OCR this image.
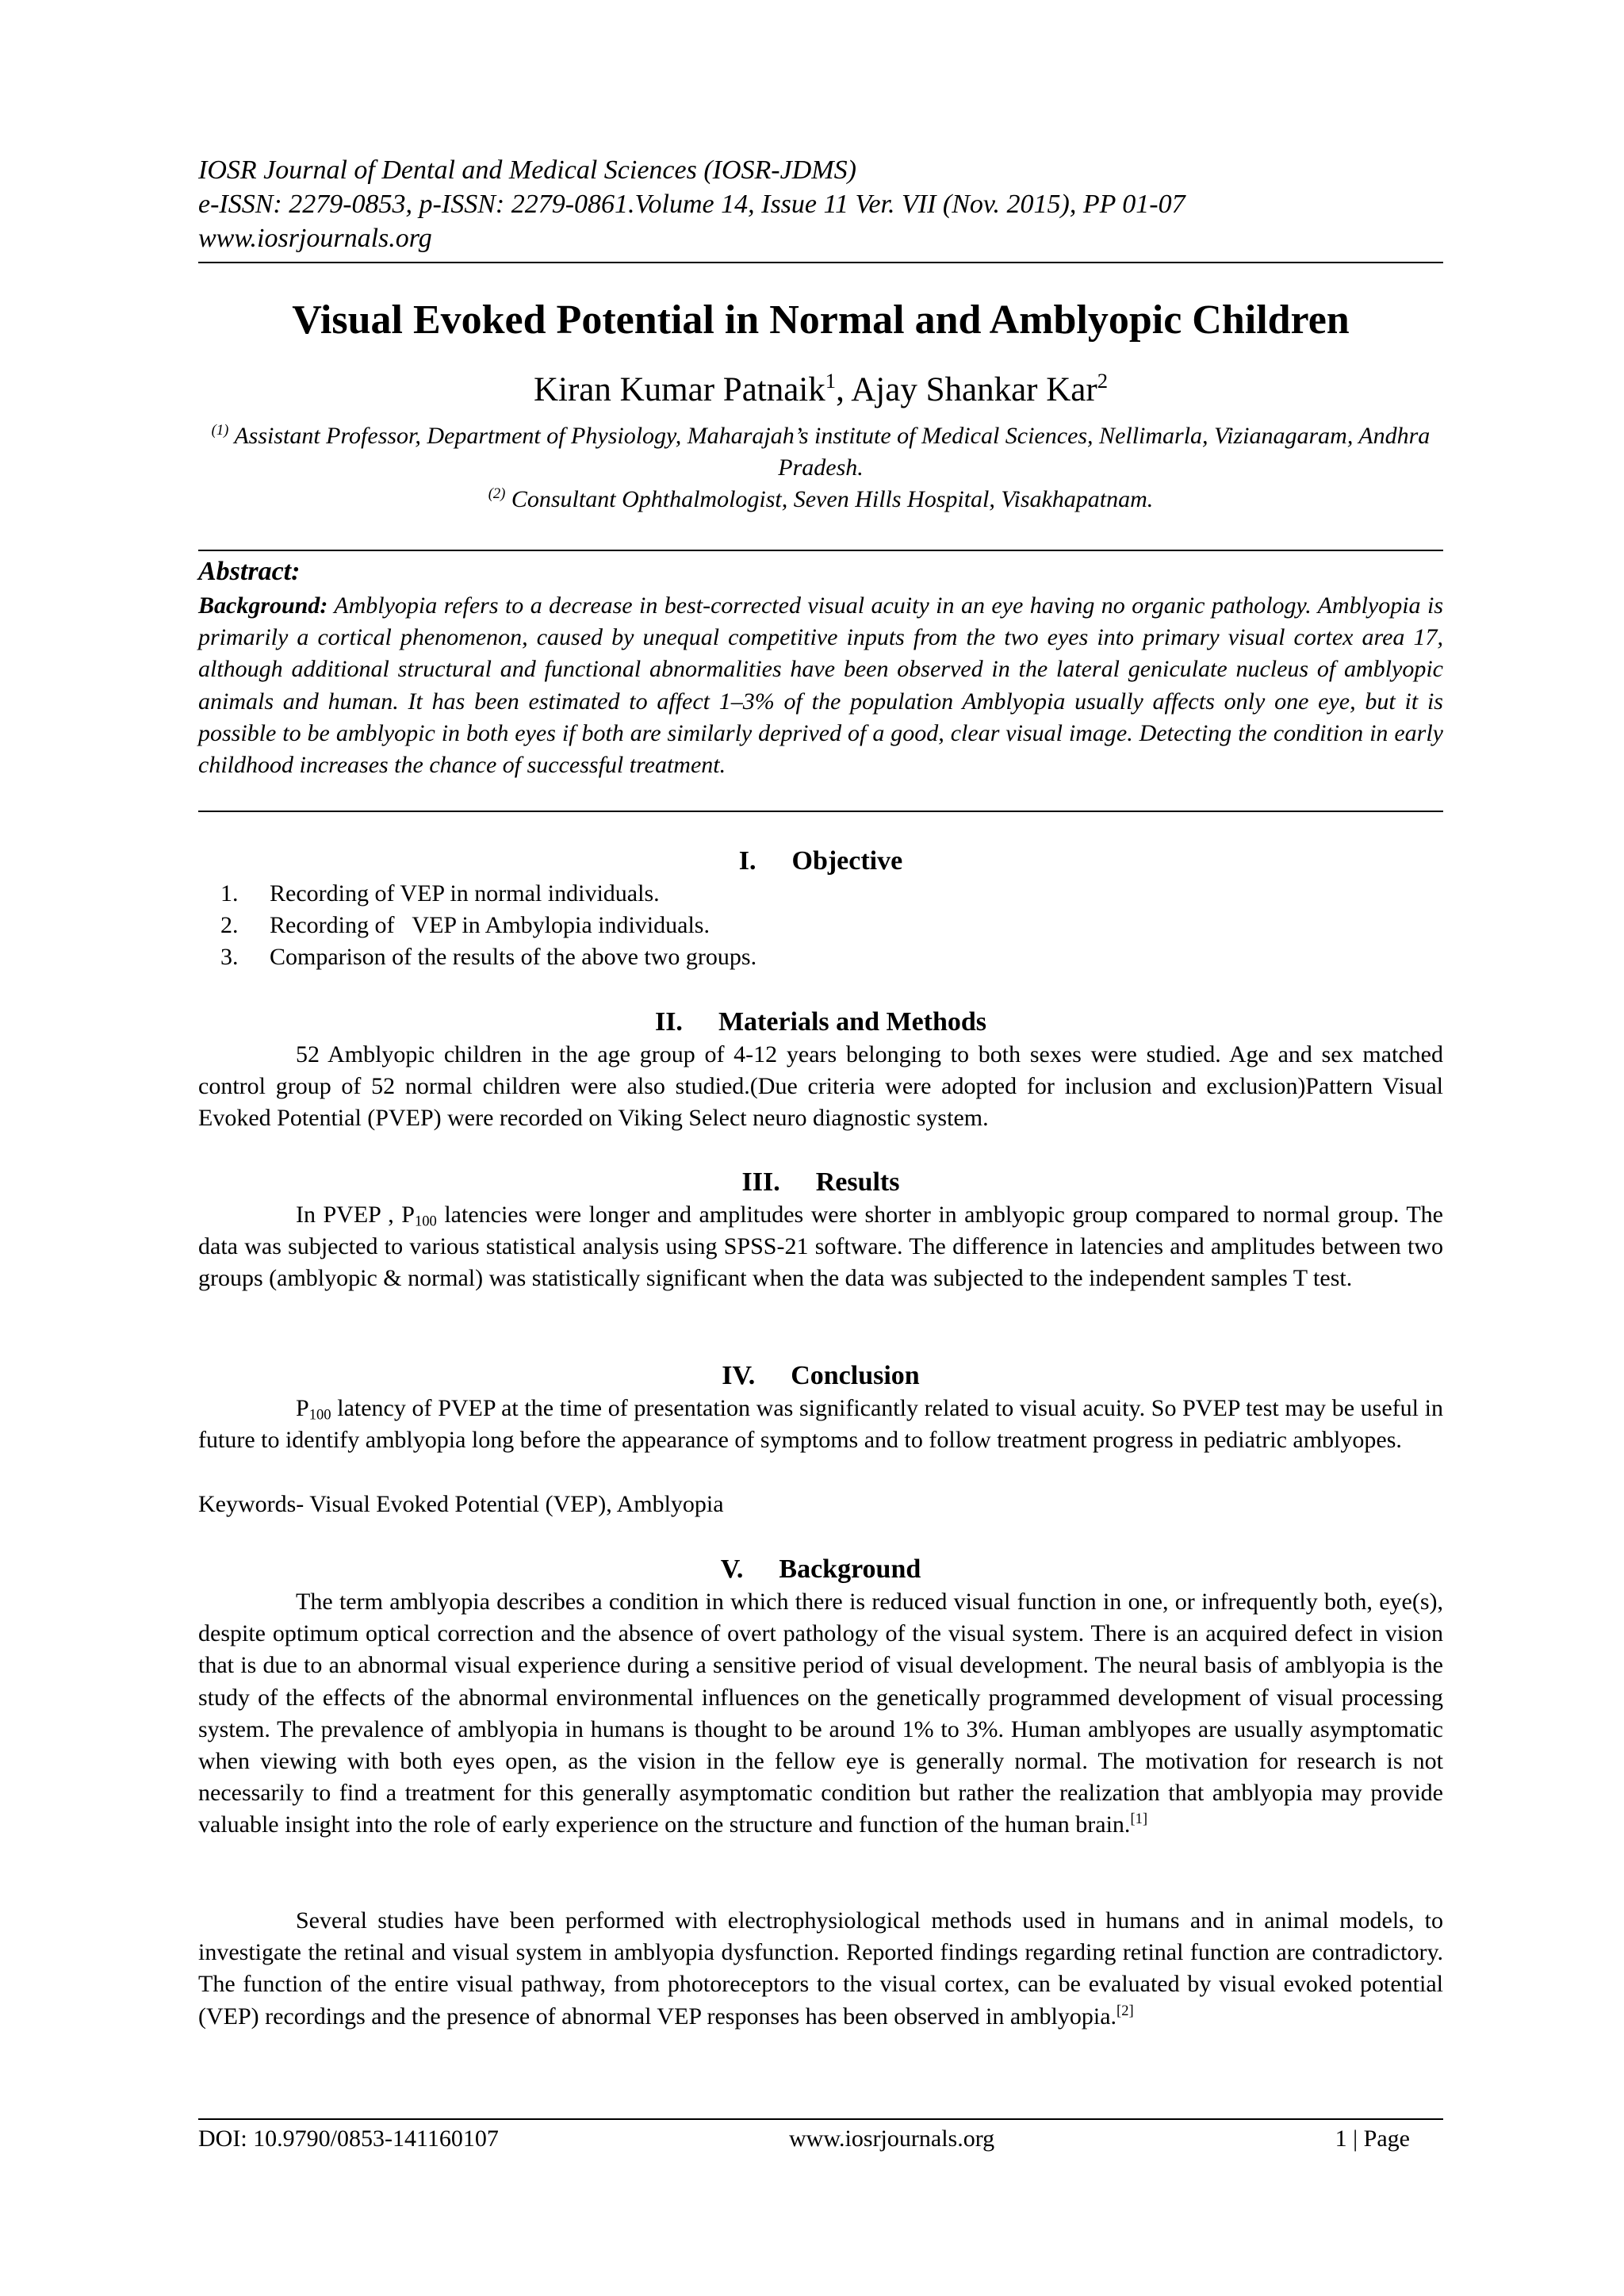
IOSR Journal of Dental and Medical Sciences (IOSR-JDMS)
e-ISSN: 2279-0853, p-ISSN: 2279-0861.Volume 14, Issue 11 Ver. VII (Nov. 2015), PP 01-07
www.iosrjournals.org
Visual Evoked Potential in Normal and Amblyopic Children
Kiran Kumar Patnaik$^1$, Ajay Shankar Kar$^2$
$^{(1)}$ Assistant Professor, Department of Physiology, Maharajah’s institute of Medical Sciences, Nellimarla, Vizianagaram, Andhra Pradesh.
$^{(2)}$ Consultant Ophthalmologist, Seven Hills Hospital, Visakhapatnam.
Abstract:
Background: Amblyopia refers to a decrease in best-corrected visual acuity in an eye having no organic pathology. Amblyopia is primarily a cortical phenomenon, caused by unequal competitive inputs from the two eyes into primary visual cortex area 17, although additional structural and functional abnormalities have been observed in the lateral geniculate nucleus of amblyopic animals and human. It has been estimated to affect 1–3% of the population Amblyopia usually affects only one eye, but it is possible to be amblyopic in both eyes if both are similarly deprived of a good, clear visual image. Detecting the condition in early childhood increases the chance of successful treatment.
I. Objective
1.	Recording of VEP in normal individuals.
2.	Recording of   VEP in Ambylopia individuals.
3.	Comparison of the results of the above two groups.
II. Materials and Methods
52 Amblyopic children in the age group of 4-12 years belonging to both sexes were studied. Age and sex matched control group of 52 normal children were also studied.(Due criteria were adopted for inclusion and exclusion)Pattern Visual Evoked Potential (PVEP) were recorded on Viking Select neuro diagnostic system.
III. Results
In PVEP , $P_{100}$ latencies were longer and amplitudes were shorter in amblyopic group compared to normal group. The data was subjected to various statistical analysis using SPSS-21 software. The difference in latencies and amplitudes between two groups (amblyopic & normal) was statistically significant when the data was subjected to the independent samples T test.
IV. Conclusion
$P_{100}$ latency of PVEP at the time of presentation was significantly related to visual acuity. So PVEP test may be useful in future to identify amblyopia long before the appearance of symptoms and to follow treatment progress in pediatric amblyopes.
Keywords- Visual Evoked Potential (VEP), Amblyopia
V. Background
The term amblyopia describes a condition in which there is reduced visual function in one, or infrequently both, eye(s), despite optimum optical correction and the absence of overt pathology of the visual system. There is an acquired defect in vision that is due to an abnormal visual experience during a sensitive period of visual development. The neural basis of amblyopia is the study of the effects of the abnormal environmental influences on the genetically programmed development of visual processing system. The prevalence of amblyopia in humans is thought to be around 1% to 3%. Human amblyopes are usually asymptomatic when viewing with both eyes open, as the vision in the fellow eye is generally normal. The motivation for research is not necessarily to find a treatment for this generally asymptomatic condition but rather the realization that amblyopia may provide valuable insight into the role of early experience on the structure and function of the human brain.[1]
Several studies have been performed with electrophysiological methods used in humans and in animal models, to investigate the retinal and visual system in amblyopia dysfunction. Reported findings regarding retinal function are contradictory. The function of the entire visual pathway, from photoreceptors to the visual cortex, can be evaluated by visual evoked potential (VEP) recordings and the presence of abnormal VEP responses has been observed in amblyopia.[2]
DOI: 10.9790/0853-141160107	www.iosrjournals.org	1 | Page
